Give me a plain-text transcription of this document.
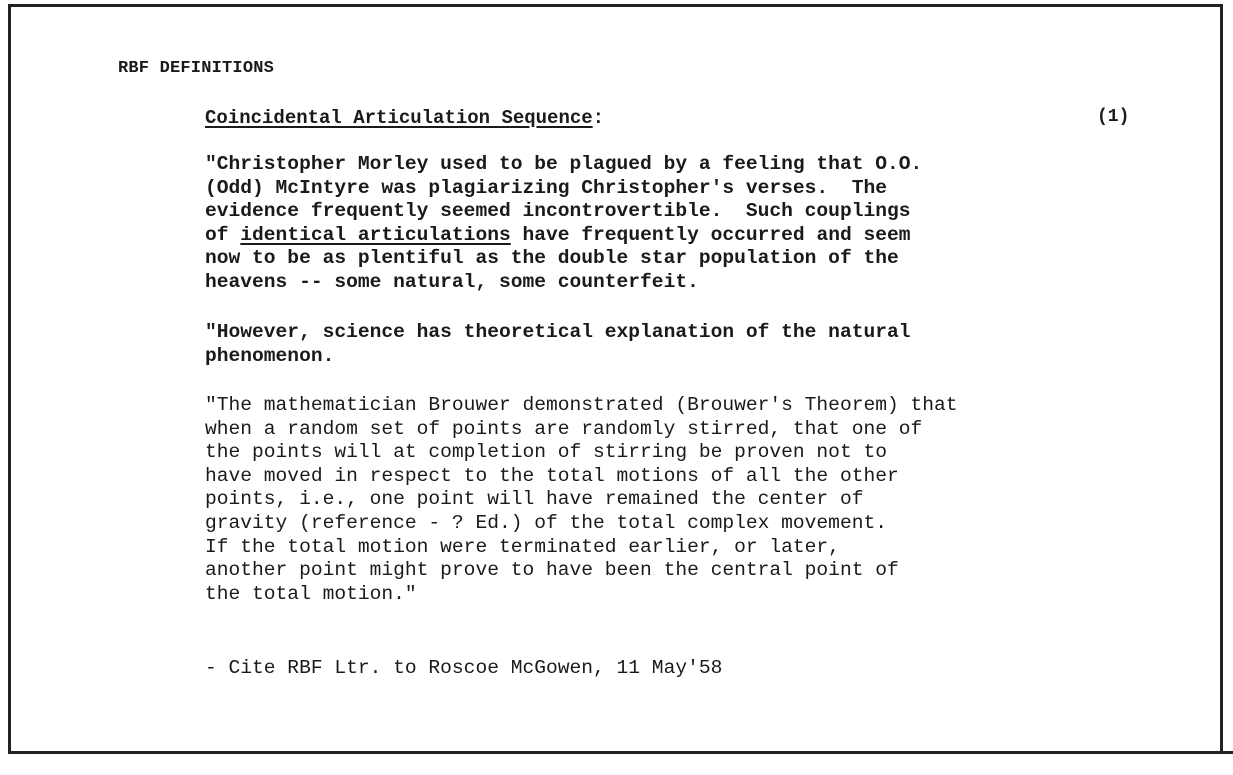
RBF DEFINITIONS
Coincidental Articulation Sequence:	(1)
"Christopher Morley used to be plagued by a feeling that O.O.
(Odd) McIntyre was plagiarizing Christopher's verses.  The
evidence frequently seemed incontrovertible.  Such couplings
of identical articulations have frequently occurred and seem
now to be as plentiful as the double star population of the
heavens -- some natural, some counterfeit.
"However, science has theoretical explanation of the natural
phenomenon.
"The mathematician Brouwer demonstrated (Brouwer's Theorem) that
when a random set of points are randomly stirred, that one of
the points will at completion of stirring be proven not to
have moved in respect to the total motions of all the other
points, i.e., one point will have remained the center of
gravity (reference - ? Ed.) of the total complex movement.
If the total motion were terminated earlier, or later,
another point might prove to have been the central point of
the total motion."
- Cite RBF Ltr. to Roscoe McGowen, 11 May'58
